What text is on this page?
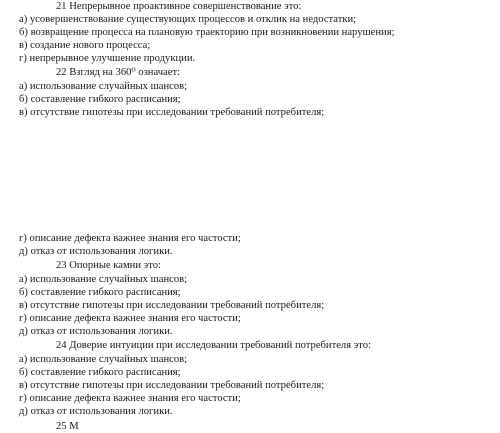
21 Непрерывное проактивное совершенствование это:
а) усовершенствование существующих процессов и отклик на недостатки;
б) возвращение процесса на плановую траекторию при возникновении нарушения;
в) создание нового процесса;
г) непрерывное улучшение продукции.
22 Взгляд на 360⁰ означает:
а) использование случайных шансов;
б) составление гибкого расписания;
в) отсутствие гипотезы при исследовании требований потребителя;
г) описание дефекта важнее знания его частости;
д) отказ от использования логики.
23 Опорные камни это:
а) использование случайных шансов;
б) составление гибкого расписания;
в) отсутствие гипотезы при исследовании требований потребителя;
г) описание дефекта важнее знания его частости;
д) отказ от использования логики.
24 Доверие интуиции при исследовании требований потребителя это:
а) использование случайных шансов;
б) составление гибкого расписания;
в) отсутствие гипотезы при исследовании требований потребителя;
г) описание дефекта важнее знания его частости;
д) отказ от использования логики.
25 М
